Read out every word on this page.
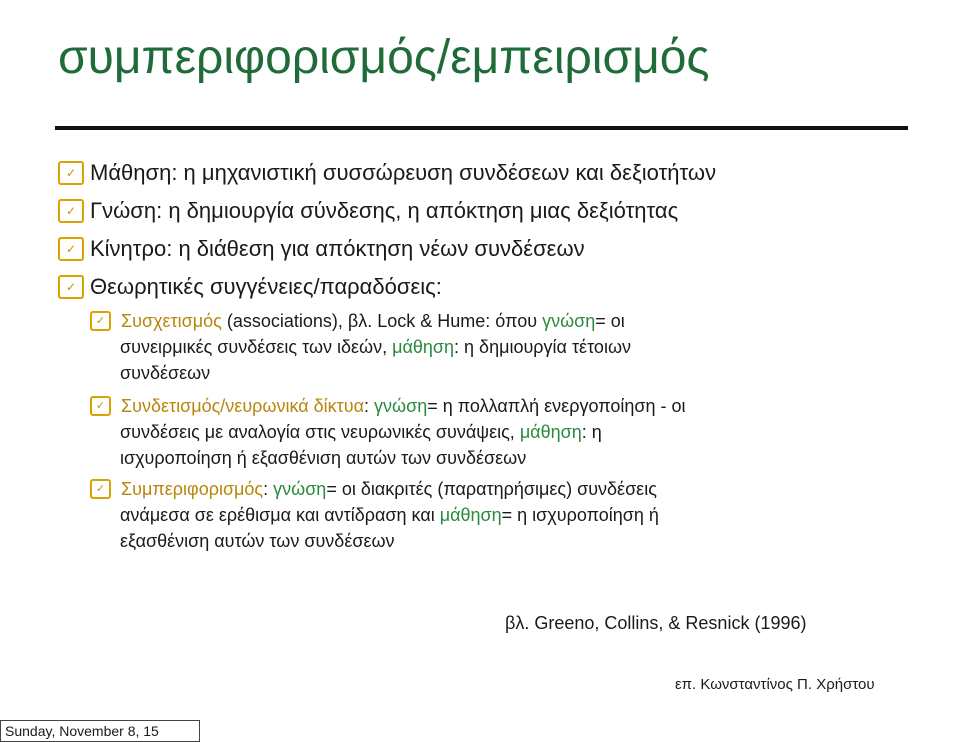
συμπεριφορισμός/εμπειρισμός
✓ Μάθηση: η μηχανιστική συσσώρευση συνδέσεων και δεξιοτήτων
✓ Γνώση: η δημιουργία σύνδεσης, η απόκτηση μιας δεξιότητας
✓ Κίνητρο: η διάθεση για απόκτηση νέων συνδέσεων
✓ Θεωρητικές συγγένειες/παραδόσεις:
✓ Συσχετισμός (associations), βλ. Lock & Hume: όπου γνώση= οι
συνειρμικές συνδέσεις των ιδεών, μάθηση: η δημιουργία τέτοιων
συνδέσεων
✓ Συνδετισμός/νευρωνικά δίκτυα: γνώση= η πολλαπλή ενεργοποίηση - οι
συνδέσεις με αναλογία στις νευρωνικές συνάψεις, μάθηση: η
ισχυροποίηση ή εξασθένιση αυτών των συνδέσεων
✓ Συμπεριφορισμός: γνώση= οι διακριτές (παρατηρήσιμες) συνδέσεις
ανάμεσα σε ερέθισμα και αντίδραση και μάθηση= η ισχυροποίηση ή
εξασθένιση αυτών των συνδέσεων
βλ. Greeno, Collins, & Resnick (1996)
επ. Κωνσταντίνος Π. Χρήστου
Sunday, November 8, 15
